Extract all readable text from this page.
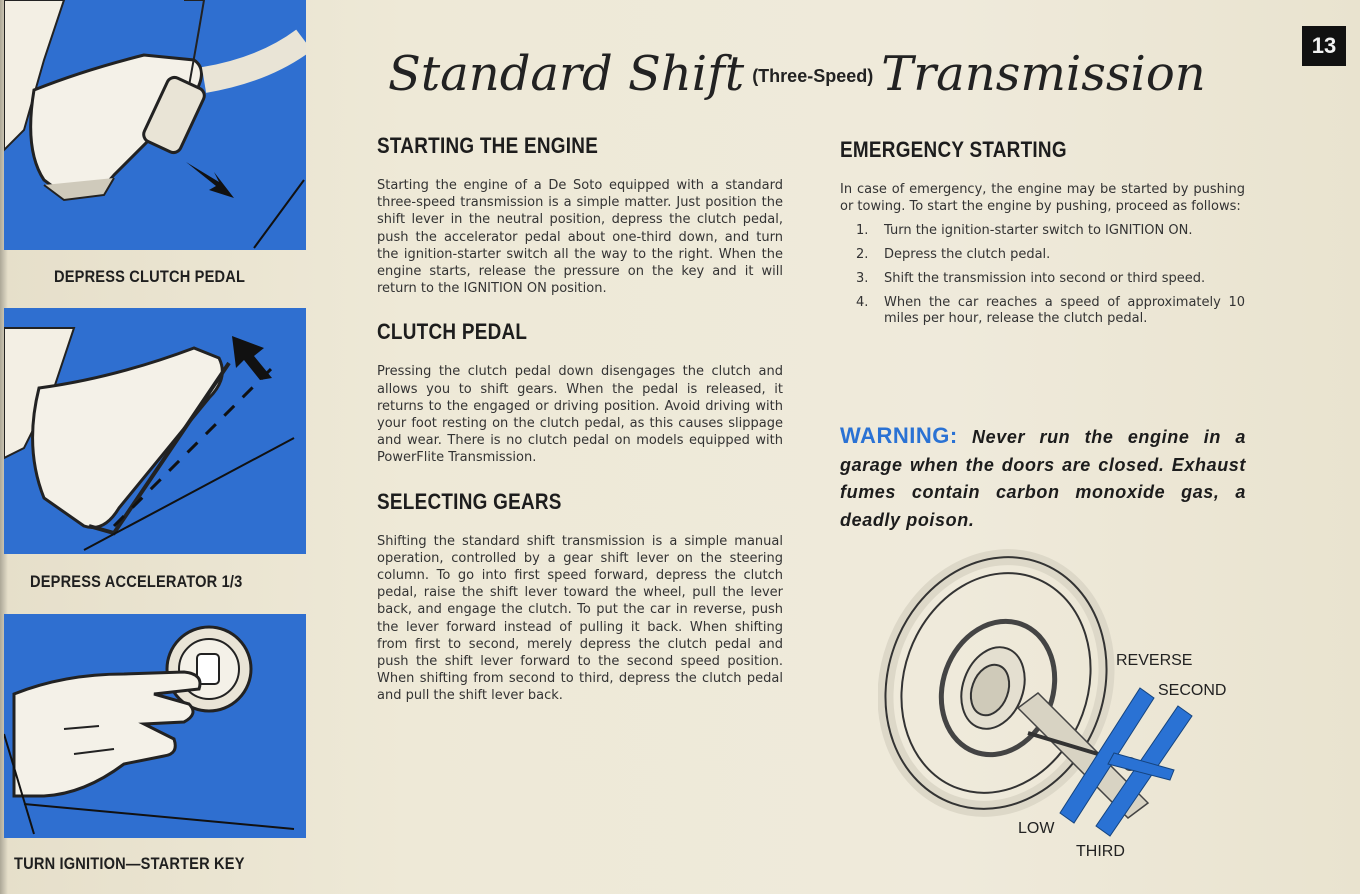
DEPRESS CLUTCH PEDAL
DEPRESS ACCELERATOR 1/3
TURN IGNITION—STARTER KEY
Standard Shift (Three-Speed) Transmission
13
STARTING THE ENGINE

Starting the engine of a De Soto equipped with a standard three-speed transmission is a simple matter. Just position the shift lever in the neutral position, depress the clutch pedal, push the accelerator pedal about one-third down, and turn the ignition-starter switch all the way to the right. When the engine starts, release the pressure on the key and it will return to the IGNITION ON position.

CLUTCH PEDAL

Pressing the clutch pedal down disengages the clutch and allows you to shift gears. When the pedal is released, it returns to the engaged or driving position. Avoid driving with your foot resting on the clutch pedal, as this causes slippage and wear. There is no clutch pedal on models equipped with PowerFlite Transmission.

SELECTING GEARS

Shifting the standard shift transmission is a simple manual operation, controlled by a gear shift lever on the steering column. To go into first speed forward, depress the clutch pedal, raise the shift lever toward the wheel, pull the lever back, and engage the clutch. To put the car in reverse, push the lever forward instead of pulling it back. When shifting from first to second, merely depress the clutch pedal and push the shift lever forward to the second speed position. When shifting from second to third, depress the clutch pedal and pull the shift lever back.

EMERGENCY STARTING

In case of emergency, the engine may be started by pushing or towing. To start the engine by pushing, proceed as follows:

1. Turn the ignition-starter switch to IGNITION ON.
2. Depress the clutch pedal.
3. Shift the transmission into second or third speed.
4. When the car reaches a speed of approximately 10 miles per hour, release the clutch pedal.
WARNING: Never run the engine in a garage when the doors are closed. Exhaust fumes contain carbon monoxide gas, a deadly poison.
REVERSE
SECOND
LOW
THIRD
